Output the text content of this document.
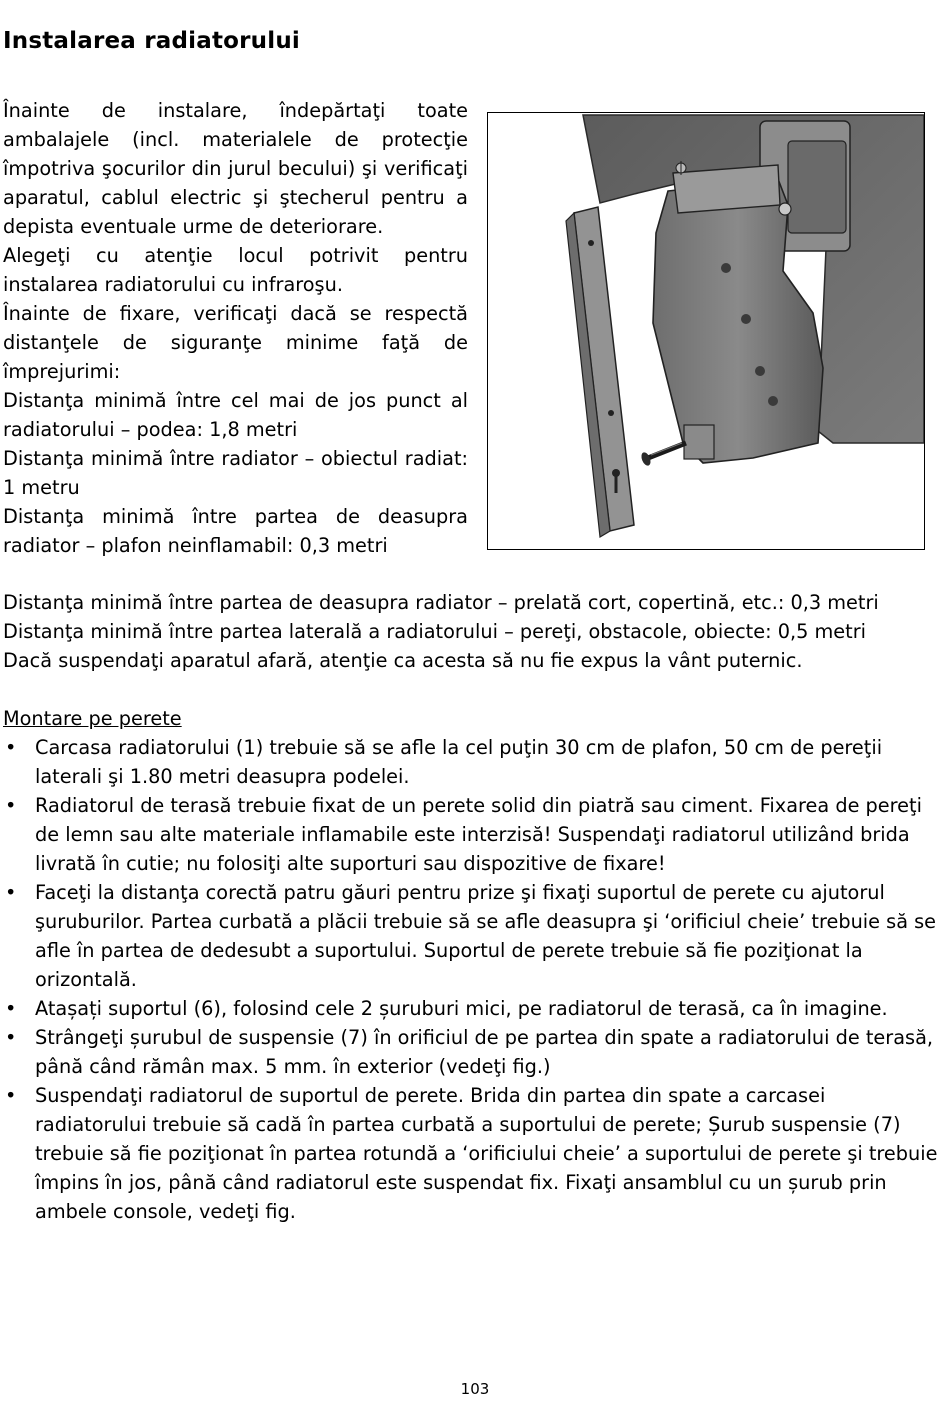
Instalarea radiatorului

Înainte de instalare, îndepărtaţi toate ambalajele (incl. materialele de protecţie împotriva şocurilor din jurul becului) şi verificaţi aparatul, cablul electric şi ştecherul pentru a depista eventuale urme de deteriorare.

Alegeţi cu atenţie locul potrivit pentru instalarea radiatorului cu infraroşu.

Înainte de fixare, verificaţi dacă se respectă distanţele de siguranţe minime faţă de împrejurimi:

Distanţa minimă între cel mai de jos punct al radiatorului – podea: 1,8 metri

Distanţa minimă între radiator – obiectul radiat: 1 metru

Distanţa minimă între partea de deasupra radiator – plafon neinflamabil: 0,3 metri

Distanţa minimă între partea de deasupra radiator – prelată cort, copertină, etc.: 0,3 metri

Distanţa minimă între partea laterală a radiatorului – pereţi, obstacole, obiecte: 0,5 metri

Dacă suspendaţi aparatul afară, atenţie ca acesta să nu fie expus la vânt puternic.

Montare pe perete

• Carcasa radiatorului (1) trebuie să se afle la cel puţin 30 cm de plafon, 50 cm de pereţii laterali şi 1.80 metri deasupra podelei.
• Radiatorul de terasă trebuie fixat de un perete solid din piatră sau ciment. Fixarea de pereţi de lemn sau alte materiale inflamabile este interzisă! Suspendaţi radiatorul utilizând brida livrată în cutie; nu folosiţi alte suporturi sau dispozitive de fixare!
• Faceţi la distanţa corectă patru găuri pentru prize şi fixaţi suportul de perete cu ajutorul şuruburilor. Partea curbată a plăcii trebuie să se afle deasupra şi ‘orificiul cheie’ trebuie să se afle în partea de dedesubt a suportului. Suportul de perete trebuie să fie poziţionat la orizontală.
• Atașați suportul (6), folosind cele 2 șuruburi mici, pe radiatorul de terasă, ca în imagine.
• Strângeţi șurubul de suspensie (7) în orificiul de pe partea din spate a radiatorului de terasă, până când rămân max. 5 mm. în exterior (vedeţi fig.)
• Suspendaţi radiatorul de suportul de perete. Brida din partea din spate a carcasei radiatorului trebuie să cadă în partea curbată a suportului de perete; Șurub suspensie (7) trebuie să fie poziţionat în partea rotundă a ‘orificiului cheie’ a suportului de perete şi trebuie împins în jos, până când radiatorul este suspendat fix. Fixaţi ansamblul cu un șurub prin ambele console, vedeţi fig.
103
